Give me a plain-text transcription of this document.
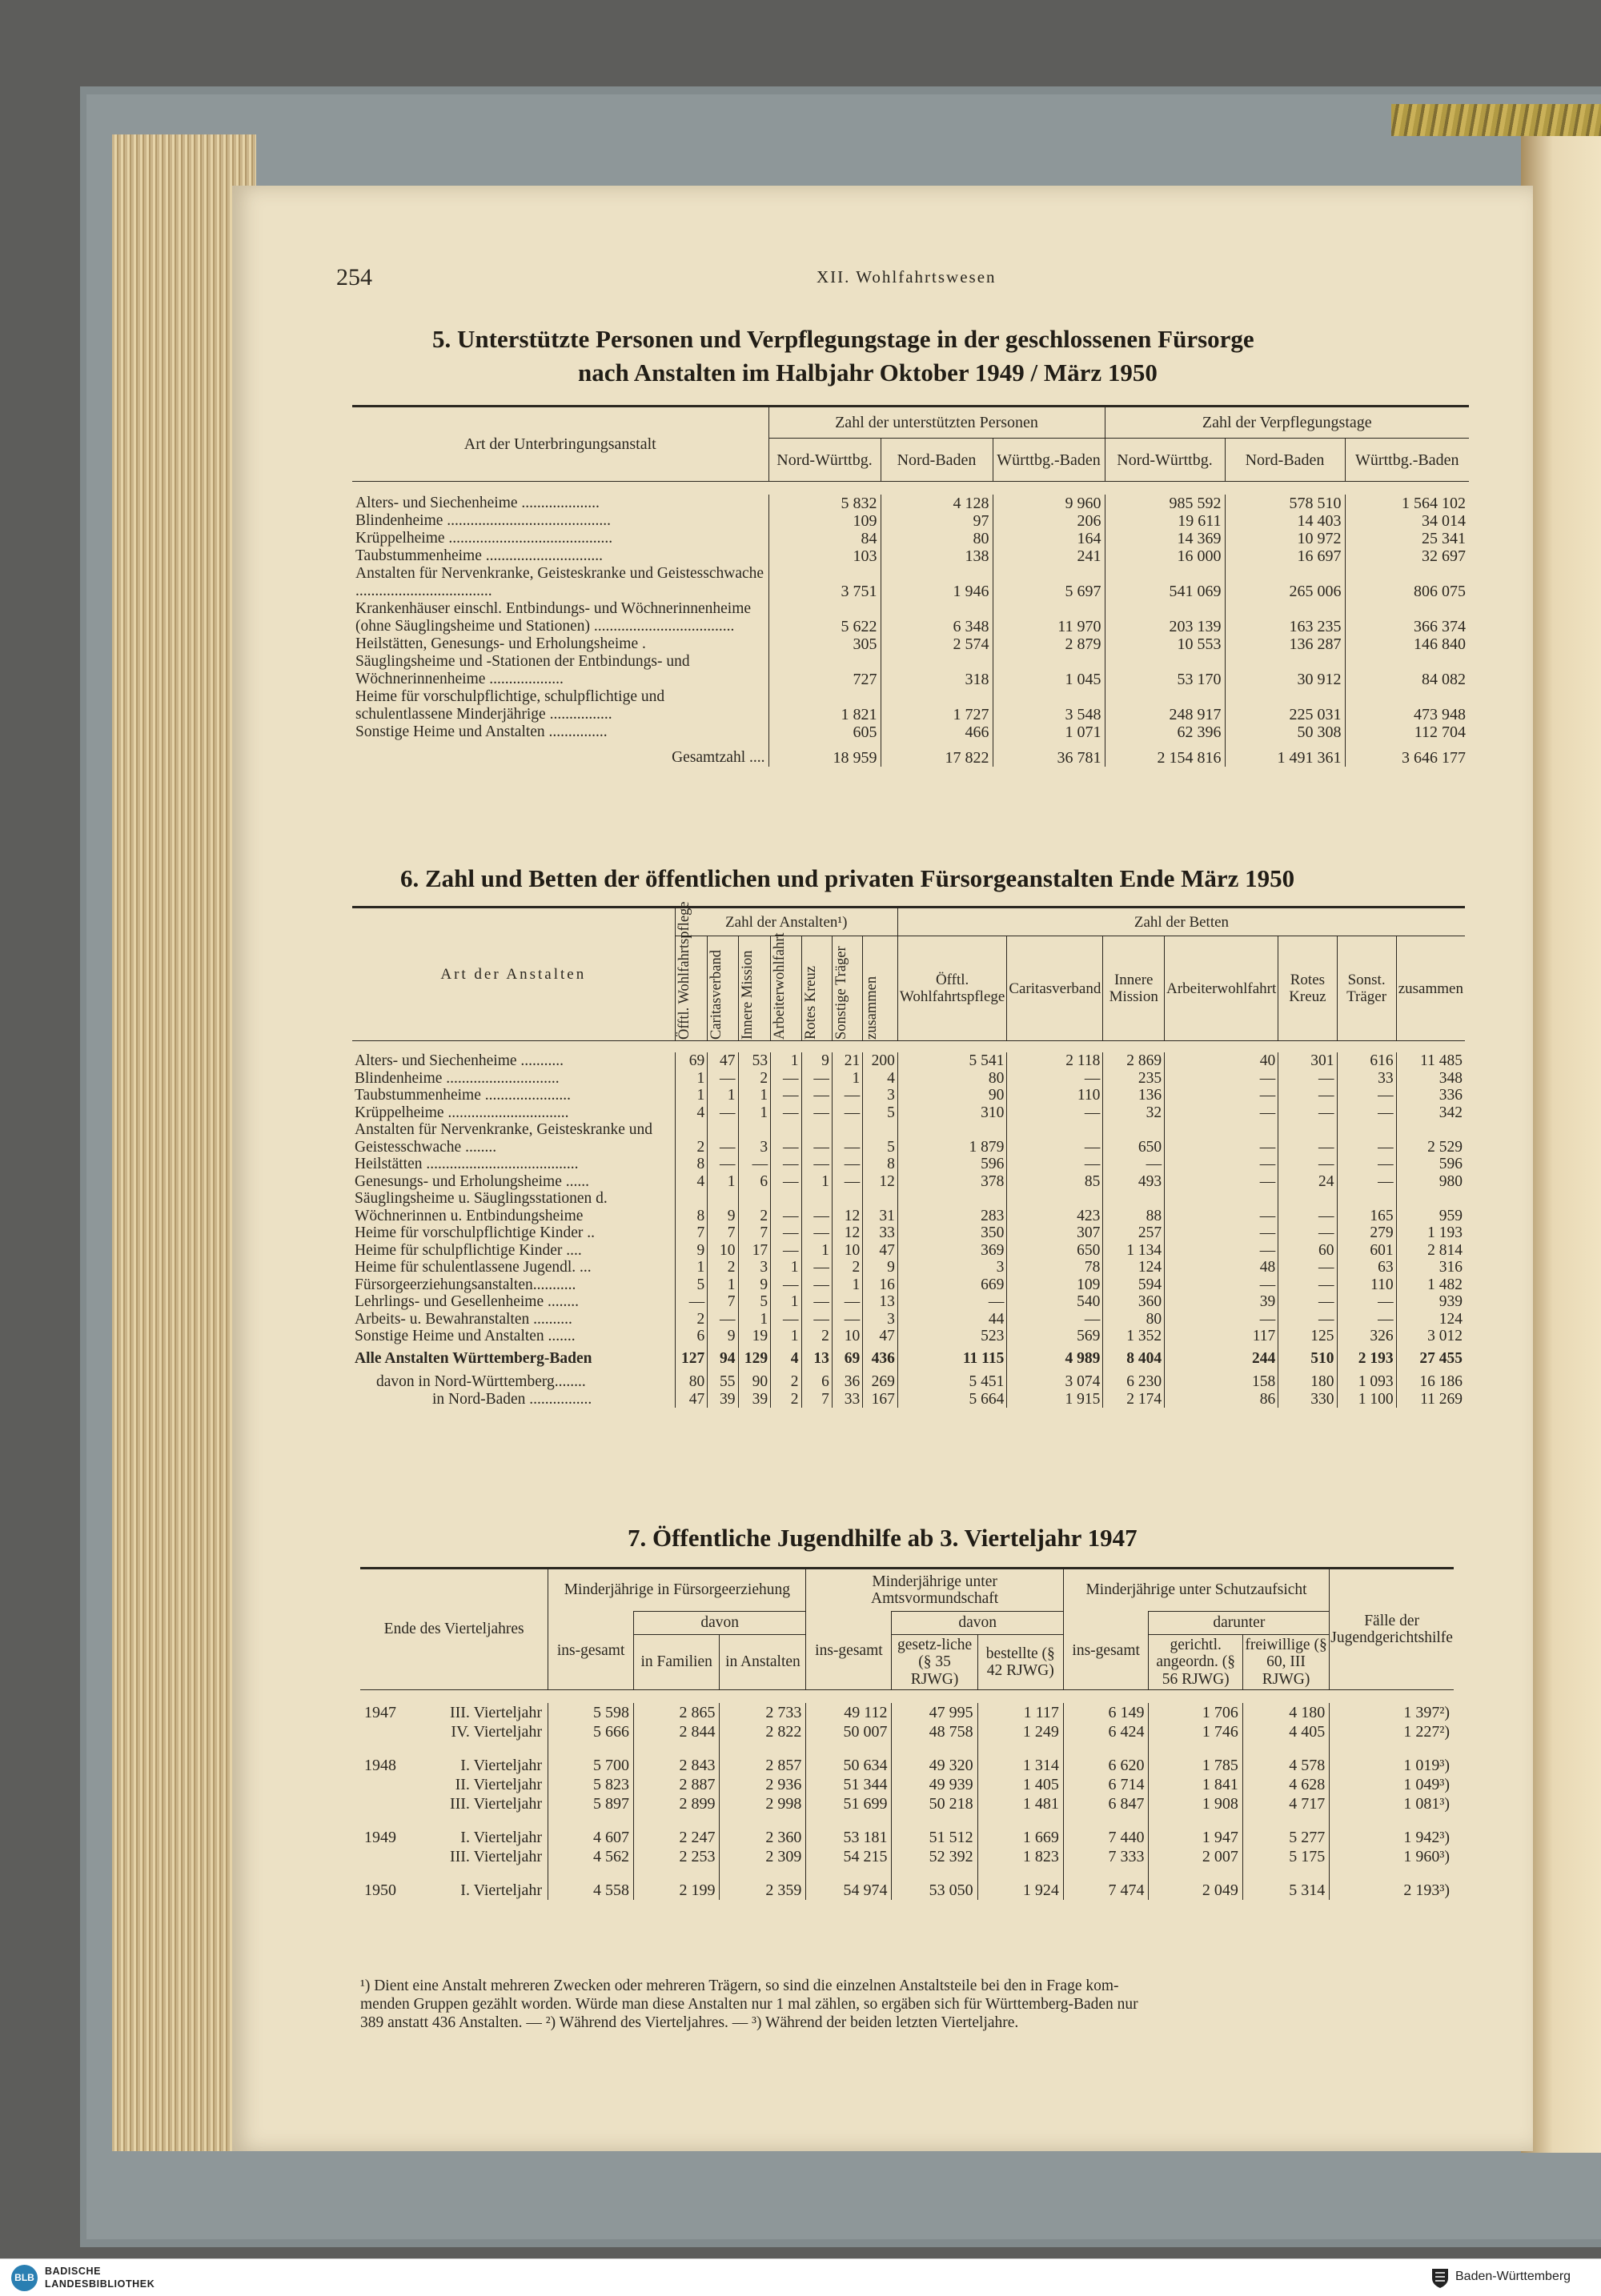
254	XII. Wohlfahrtswesen
5. Unterstützte Personen und Verpflegungstage in der geschlossenen Fürsorge
nach Anstalten im Halbjahr Oktober 1949 / März 1950
Art der Unterbringungsanstalt	Zahl der unterstützten Personen			Zahl der Verpflegungstage		
	Nord-Württbg.	Nord-Baden	Württbg.-Baden	Nord-Württbg.	Nord-Baden	Württbg.-Baden

Alters- und Siechenheime ....................	5 832	4 128	9 960	985 592	578 510	1 564 102
Blindenheime ..........................................	109	97	206	19 611	14 403	34 014
Krüppelheime ..........................................	84	80	164	14 369	10 972	25 341
Taubstummenheime ..............................	103	138	241	16 000	16 697	32 697
Anstalten für Nervenkranke, Geisteskranke und Geistesschwache ...................................	3 751	1 946	5 697	541 069	265 006	806 075
Krankenhäuser einschl. Entbindungs- und Wöchnerinnenheime (ohne Säuglingsheime und Stationen) ....................................	5 622	6 348	11 970	203 139	163 235	366 374
Heilstätten, Genesungs- und Erholungsheime .	305	2 574	2 879	10 553	136 287	146 840
Säuglingsheime und -Stationen der Entbindungs- und Wöchnerinnenheime ...................	727	318	1 045	53 170	30 912	84 082
Heime für vorschulpflichtige, schulpflichtige und schulentlassene Minderjährige ................	1 821	1 727	3 548	248 917	225 031	473 948
Sonstige Heime und Anstalten ...............	605	466	1 071	62 396	50 308	112 704
Gesamtzahl ....	18 959	17 822	36 781	2 154 816	1 491 361	3 646 177
6. Zahl und Betten der öffentlichen und privaten Fürsorgeanstalten Ende März 1950
Art der Anstalten	Zahl der Anstalten¹)							Zahl der Betten						

	Öfftl. Wohlfahrtspflege	Caritasverband	Innere Mission	Arbeiterwohlfahrt	Rotes Kreuz	Sonstige Träger	zusammen	Öfftl. Wohlfahrtspflege	Caritasverband	Innere Mission	Arbeiterwohlfahrt	Rotes Kreuz	Sonst. Träger	zusammen

Alters- und Siechenheime ...........	69	47	53	1	9	21	200	5 541	2 118	2 869	40	301	616	11 485
Blindenheime .............................	1	—	2	—	—	1	4	80	—	235	—	—	33	348
Taubstummenheime ......................	1	1	1	—	—	—	3	90	110	136	—	—	—	336
Krüppelheime ...............................	4	—	1	—	—	—	5	310	—	32	—	—	—	342
Anstalten für Nervenkranke, Geisteskranke und Geistesschwache ........	2	—	3	—	—	—	5	1 879	—	650	—	—	—	2 529
Heilstätten .......................................	8	—	—	—	—	—	8	596	—	—	—	—	—	596
Genesungs- und Erholungsheime ......	4	1	6	—	1	—	12	378	85	493	—	24	—	980
Säuglingsheime u. Säuglingsstationen d. Wöchnerinnen u. Entbindungsheime	8	9	2	—	—	12	31	283	423	88	—	—	165	959
Heime für vorschulpflichtige Kinder ..	7	7	7	—	—	12	33	350	307	257	—	—	279	1 193
Heime für schulpflichtige Kinder ....	9	10	17	—	1	10	47	369	650	1 134	—	60	601	2 814
Heime für schulentlassene Jugendl. ...	1	2	3	1	—	2	9	3	78	124	48	—	63	316
Fürsorgeerziehungsanstalten...........	5	1	9	—	—	1	16	669	109	594	—	—	110	1 482
Lehrlings- und Gesellenheime ........	—	7	5	1	—	—	13	—	540	360	39	—	—	939
Arbeits- u. Bewahranstalten ..........	2	—	1	—	—	—	3	44	—	80	—	—	—	124
Sonstige Heime und Anstalten .......	6	9	19	1	2	10	47	523	569	1 352	117	125	326	3 012
Alle Anstalten Württemberg-Baden	127	94	129	4	13	69	436	11 115	4 989	8 404	244	510	2 193	27 455
davon in Nord-Württemberg........	80	55	90	2	6	36	269	5 451	3 074	6 230	158	180	1 093	16 186
in Nord-Baden ................	47	39	39	2	7	33	167	5 664	1 915	2 174	86	330	1 100	11 269
7. Öffentliche Jugendhilfe ab 3. Vierteljahr 1947
Ende des Vierteljahres	Minderjährige in Fürsorgeerziehung			Minderjährige unter Amtsvormundschaft			Minderjährige unter Schutzaufsicht			Fälle der Jugendgerichtshilfe
	ins-gesamt	davon		ins-gesamt	davon		ins-gesamt	darunter		
		in Familien	in Anstalten		gesetz-liche (§ 35 RJWG)	bestellte (§ 42 RJWG)		gerichtl. angeordn. (§ 56 RJWG)	freiwillige (§ 60, III RJWG)	

1947 III. Vierteljahr	5 598	2 865	2 733	49 112	47 995	1 117	6 149	1 706	4 180	1 397²)
IV. Vierteljahr	5 666	2 844	2 822	50 007	48 758	1 249	6 424	1 746	4 405	1 227²)
1948 I. Vierteljahr	5 700	2 843	2 857	50 634	49 320	1 314	6 620	1 785	4 578	1 019³)
II. Vierteljahr	5 823	2 887	2 936	51 344	49 939	1 405	6 714	1 841	4 628	1 049³)
III. Vierteljahr	5 897	2 899	2 998	51 699	50 218	1 481	6 847	1 908	4 717	1 081³)
1949 I. Vierteljahr	4 607	2 247	2 360	53 181	51 512	1 669	7 440	1 947	5 277	1 942³)
III. Vierteljahr	4 562	2 253	2 309	54 215	52 392	1 823	7 333	2 007	5 175	1 960³)
1950 I. Vierteljahr	4 558	2 199	2 359	54 974	53 050	1 924	7 474	2 049	5 314	2 193³)
¹) Dient eine Anstalt mehreren Zwecken oder mehreren Trägern, so sind die einzelnen Anstaltsteile bei den in Frage kom-
menden Gruppen gezählt worden. Würde man diese Anstalten nur 1 mal zählen, so ergäben sich für Württemberg-Baden nur
389 anstatt 436 Anstalten. — ²) Während des Vierteljahres. — ³) Während der beiden letzten Vierteljahre.
BLB
BADISCHE
LANDESBIBLIOTHEK
Baden-Württemberg
